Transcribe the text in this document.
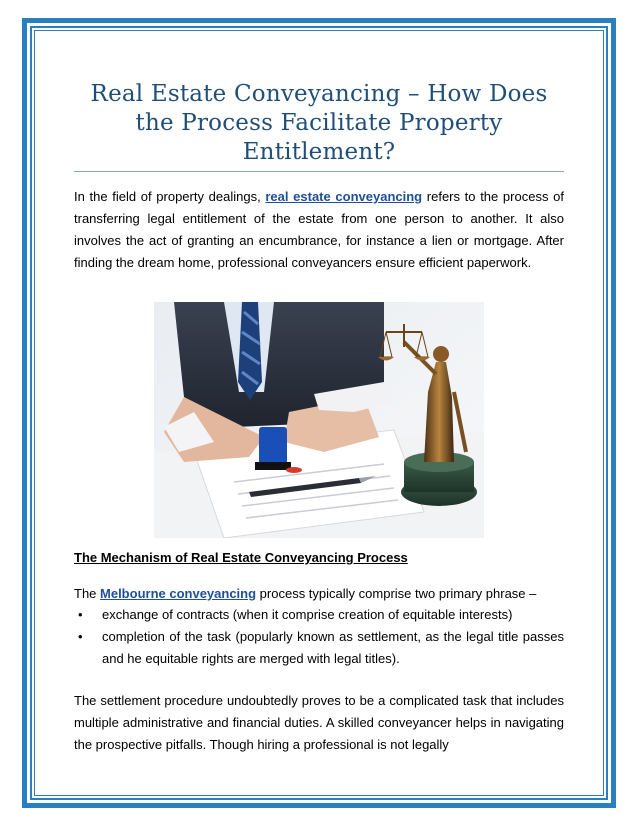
Real Estate Conveyancing – How Does the Process Facilitate Property Entitlement?

In the field of property dealings, real estate conveyancing refers to the process of transferring legal entitlement of the estate from one person to another. It also involves the act of granting an encumbrance, for instance a lien or mortgage. After finding the dream home, professional conveyancers ensure efficient paperwork.

The Mechanism of Real Estate Conveyancing Process

The Melbourne conveyancing process typically comprise two primary phrase –

• exchange of contracts (when it comprise creation of equitable interests)
• completion of the task (popularly known as settlement, as the legal title passes and he equitable rights are merged with legal titles).

The settlement procedure undoubtedly proves to be a complicated task that includes multiple administrative and financial duties. A skilled conveyancer helps in navigating the prospective pitfalls. Though hiring a professional is not legally
